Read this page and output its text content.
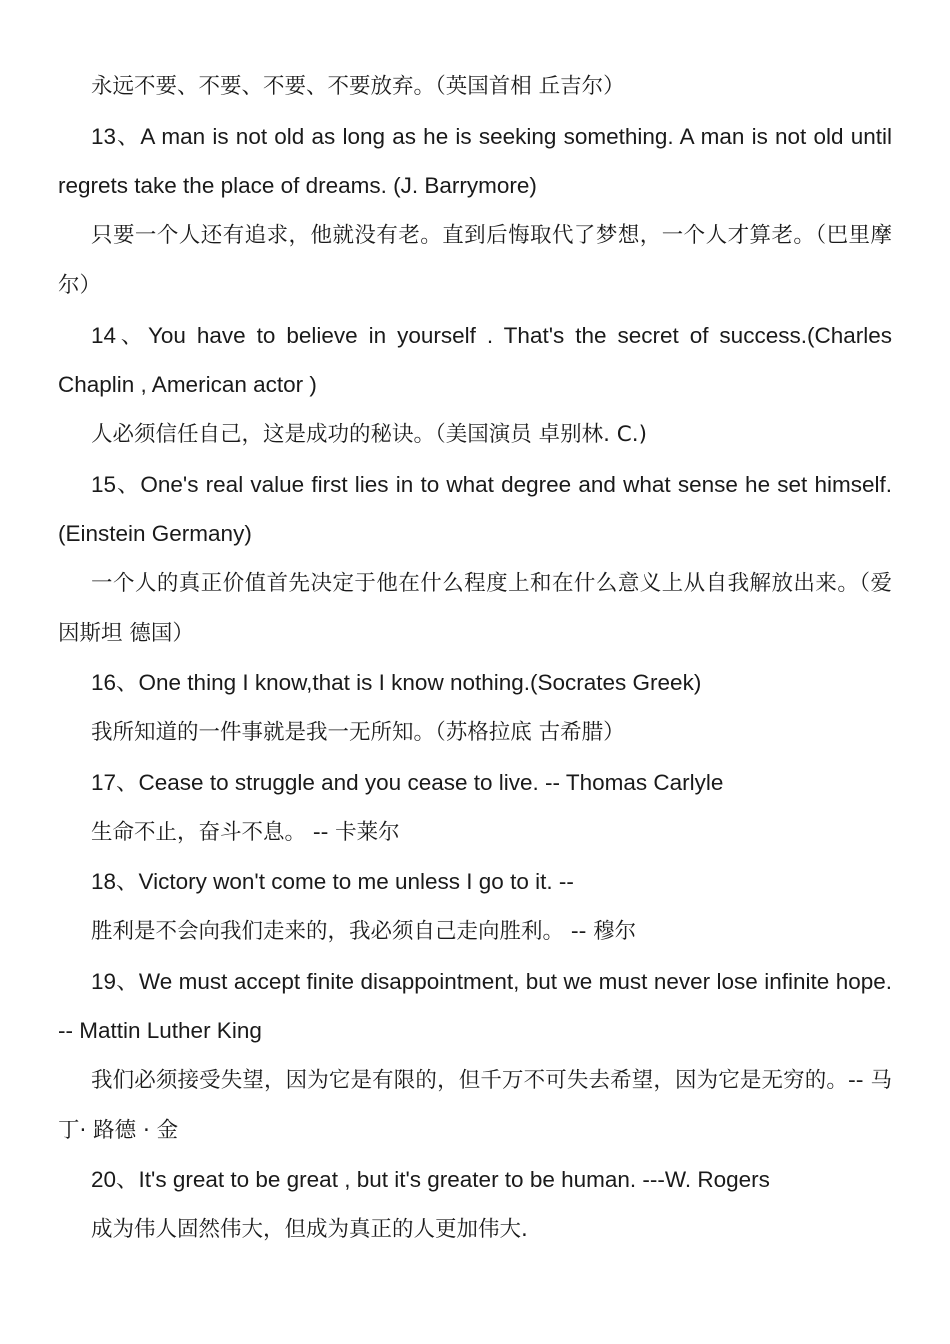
永远不要、不要、不要、不要放弃。（英国首相 丘吉尔）

13、A man is not old as long as he is seeking something. A man is not old until regrets take the place of dreams. (J. Barrymore)

只要一个人还有追求，他就没有老。直到后悔取代了梦想，一个人才算老。（巴里摩尔）

14、You have to believe in yourself . That's the secret of success.(Charles Chaplin , American actor )

人必须信任自己，这是成功的秘诀。（美国演员 卓别林. C.)

15、One's real value first lies in to what degree and what sense he set himself.(Einstein Germany)

一个人的真正价值首先决定于他在什么程度上和在什么意义上从自我解放出来。（爱因斯坦 德国）

16、One thing I know,that is I know nothing.(Socrates Greek)

我所知道的一件事就是我一无所知。（苏格拉底 古希腊）

17、Cease to struggle and you cease to live. -- Thomas Carlyle

生命不止，奋斗不息。 -- 卡莱尔

18、Victory won't come to me unless I go to it. --

胜利是不会向我们走来的，我必须自己走向胜利。 -- 穆尔

19、We must accept finite disappointment, but we must never lose infinite hope. -- Mattin Luther King

我们必须接受失望，因为它是有限的，但千万不可失去希望，因为它是无穷的。-- 马丁· 路德 · 金

20、It's great to be great , but it's greater to be human. ---W. Rogers

成为伟人固然伟大，但成为真正的人更加伟大.
